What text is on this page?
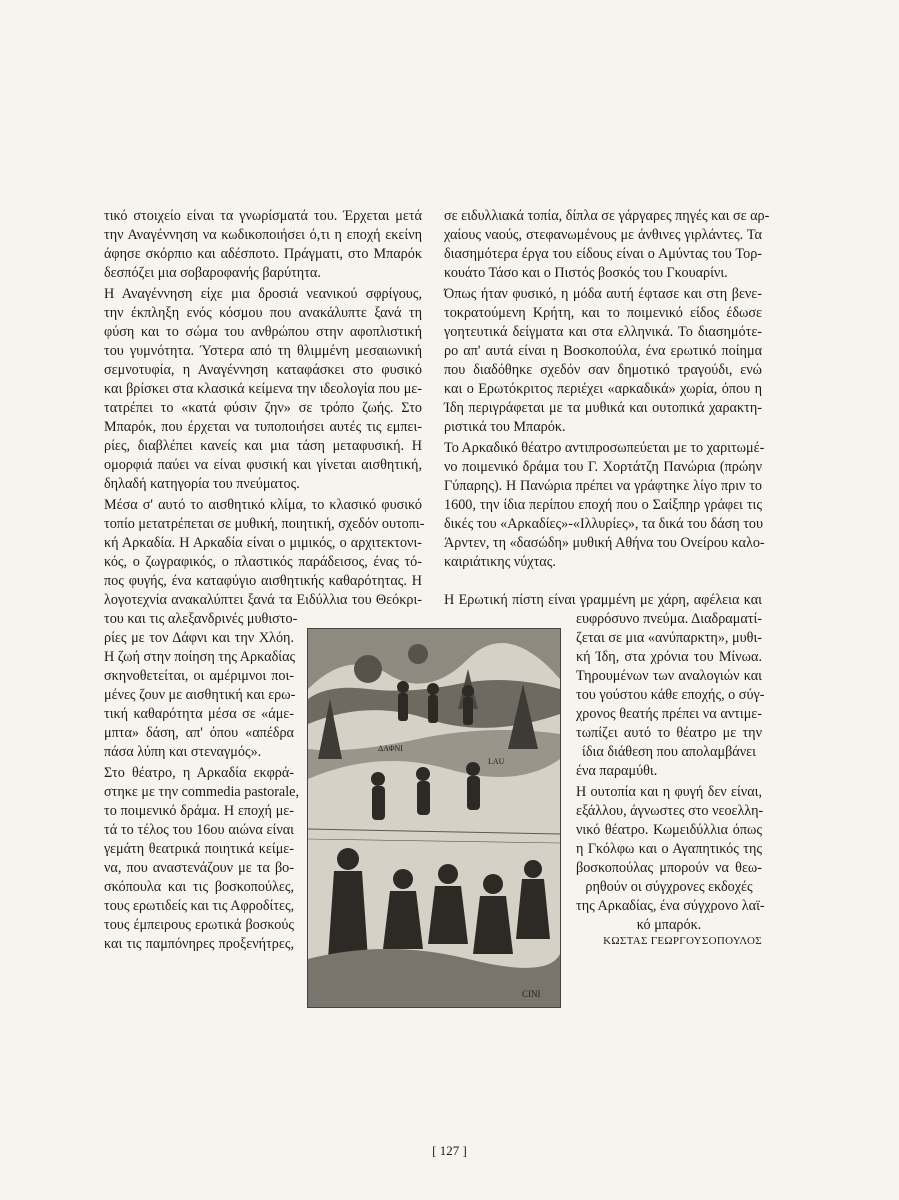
τικό στοιχείο είναι τα γνωρίσματά του. Έρχεται μετά

την Αναγέννηση να κωδικοποιήσει ό,τι η εποχή εκείνη

άφησε σκόρπιο και αδέσποτο. Πράγματι, στο Μπαρόκ

δεσπόζει μια σοβαροφανής βαρύτητα.

Η Αναγέννηση είχε μια δροσιά νεανικού σφρίγους,

την έκπληξη ενός κόσμου που ανακάλυπτε ξανά τη

φύση και το σώμα του ανθρώπου στην αφοπλιστική

του γυμνότητα. Ύστερα από τη θλιμμένη μεσαιωνική

σεμνοτυφία, η Αναγέννηση καταφάσκει στο φυσικό

και βρίσκει στα κλασικά κείμενα την ιδεολογία που με-

τατρέπει το «κατά φύσιν ζην» σε τρόπο ζωής. Στο

Μπαρόκ, που έρχεται να τυποποιήσει αυτές τις εμπει-

ρίες, διαβλέπει κανείς και μια τάση μεταφυσική. Η

ομορφιά παύει να είναι φυσική και γίνεται αισθητική,

δηλαδή κατηγορία του πνεύματος.

Μέσα σ' αυτό το αισθητικό κλίμα, το κλασικό φυσικό

τοπίο μετατρέπεται σε μυθική, ποιητική, σχεδόν ουτοπι-

κή Αρκαδία. Η Αρκαδία είναι ο μιμικός, ο αρχιτεκτονι-

κός, ο ζωγραφικός, ο πλαστικός παράδεισος, ένας τό-

πος φυγής, ένα καταφύγιο αισθητικής καθαρότητας. Η

λογοτεχνία ανακαλύπτει ξανά τα Ειδύλλια του Θεόκρι-

του και τις αλεξανδρινές μυθιστο-

ρίες με τον Δάφνι και την Χλόη.

Η ζωή στην ποίηση της Αρκαδίας

σκηνοθετείται, οι αμέριμνοι ποι-

μένες ζουν με αισθητική και ερω-

τική καθαρότητα μέσα σε «άμε-

μπτα» δάση, απ' όπου «απέδρα

πάσα λύπη και στεναγμός».

Στο θέατρο, η Αρκαδία εκφρά-

στηκε με την commedia pastorale,

το ποιμενικό δράμα. Η εποχή με-

τά το τέλος του 16ου αιώνα είναι

γεμάτη θεατρικά ποιητικά κείμε-

να, που αναστενάζουν με τα βο-

σκόπουλα και τις βοσκοπούλες,

τους ερωτιδείς και τις Αφροδίτες,

τους έμπειρους ερωτικά βοσκούς

και τις παμπόνηρες προξενήτρες,

σε ειδυλλιακά τοπία, δίπλα σε γάργαρες πηγές και σε αρ-

χαίους ναούς, στεφανωμένους με άνθινες γιρλάντες. Τα

διασημότερα έργα του είδους είναι ο Αμύντας του Τορ-

κουάτο Τάσο και ο Πιστός βοσκός του Γκουαρίνι.

Όπως ήταν φυσικό, η μόδα αυτή έφτασε και στη βενε-

τοκρατούμενη Κρήτη, και το ποιμενικό είδος έδωσε

γοητευτικά δείγματα και στα ελληνικά. Το διασημότε-

ρο απ' αυτά είναι η Βοσκοπούλα, ένα ερωτικό ποίημα

που διαδόθηκε σχεδόν σαν δημοτικό τραγούδι, ενώ

και ο Ερωτόκριτος περιέχει «αρκαδικά» χωρία, όπου η

Ίδη περιγράφεται με τα μυθικά και ουτοπικά χαρακτη-

ριστικά του Μπαρόκ.

Το Αρκαδικό θέατρο αντιπροσωπεύεται με το χαριτωμέ-

νο ποιμενικό δράμα του Γ. Χορτάτζη Πανώρια (πρώην

Γύπαρης). Η Πανώρια πρέπει να γράφτηκε λίγο πριν το

1600, την ίδια περίπου εποχή που ο Σαίξπηρ γράφει τις

δικές του «Αρκαδίες»-«Ιλλυρίες», τα δικά του δάση του

Άρντεν, τη «δασώδη» μυθική Αθήνα του Ονείρου καλο-

καιριάτικης νύχτας.

Η Ερωτική πίστη είναι γραμμένη με χάρη, αφέλεια και

ευφρόσυνο πνεύμα. Διαδραματί-

ζεται σε μια «ανύπαρκτη», μυθι-

κή Ίδη, στα χρόνια του Μίνωα.

Τηρουμένων των αναλογιών και

του γούστου κάθε εποχής, ο σύγ-

χρονος θεατής πρέπει να αντιμε-

τωπίζει αυτό το θέατρο με την

ίδια διάθεση που απολαμβάνει

ένα παραμύθι.

Η ουτοπία και η φυγή δεν είναι,

εξάλλου, άγνωστες στο νεοελλη-

νικό θέατρο. Κωμειδύλλια όπως

η Γκόλφω και ο Αγαπητικός της

βοσκοπούλας μπορούν να θεω-

ρηθούν οι σύγχρονες εκδοχές

της Αρκαδίας, ένα σύγχρονο λαϊ-

κό μπαρόκ.

ΚΩΣΤΑΣ ΓΕΩΡΓΟΥΣΟΠΟΥΛΟΣ
ΔΑΦΝΙ
LAU
CINI
[ 127 ]
